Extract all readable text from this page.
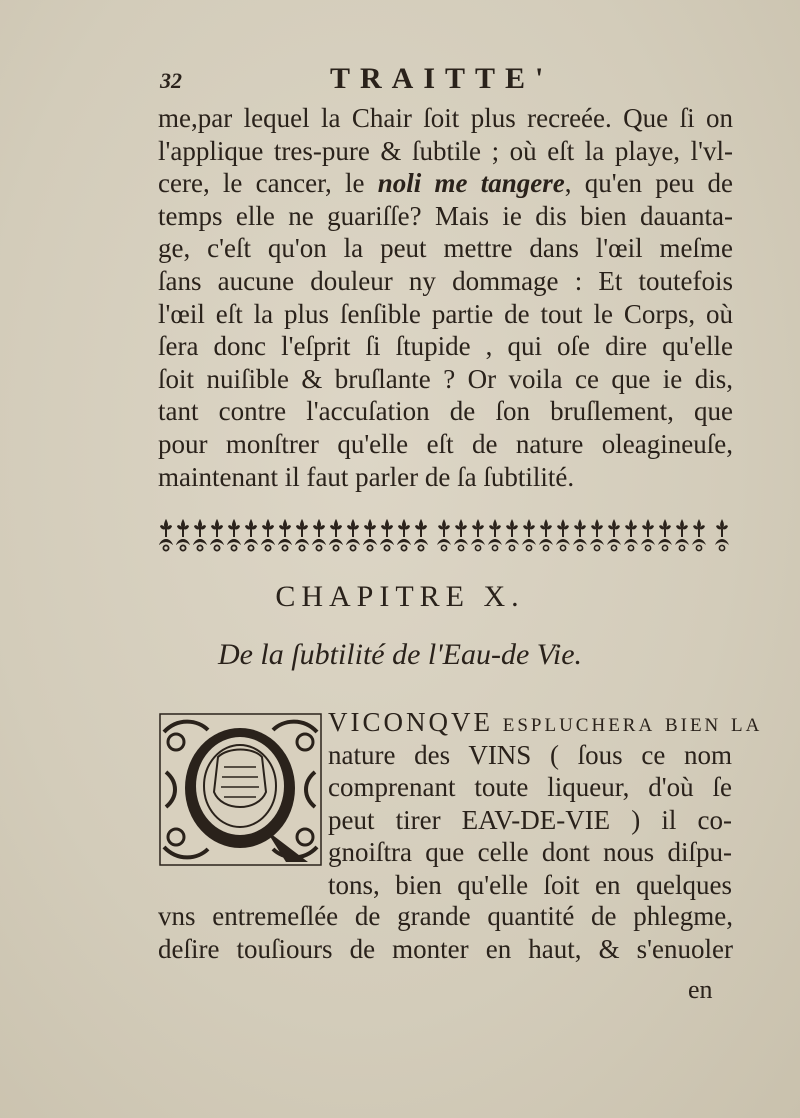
32	TRAITTE'
me,par lequel la Chair ſoit plus recreée. Que ſi on
l'applique tres-pure & ſubtile ; où eſt la playe, l'vl-
cere, le cancer, le noli me tangere, qu'en peu de
temps elle ne guariſſe? Mais ie dis bien dauanta-
ge, c'eſt qu'on la peut mettre dans l'œil meſme
ſans aucune douleur ny dommage : Et toutefois
l'œil eſt la plus ſenſible partie de tout le Corps, où
ſera donc l'eſprit ſi ſtupide , qui oſe dire qu'elle
ſoit nuiſible & bruſlante ? Or voila ce que ie dis,
tant contre l'accuſation de ſon bruſlement, que
pour monſtrer qu'elle eſt de nature oleagineuſe,
maintenant il faut parler de ſa ſubtilité.
CHAPITRE X.
De la ſubtilité de l'Eau-de Vie.
VICONQVE eſpluchera bien la
nature des VINS ( ſous ce nom
comprenant toute liqueur, d'où ſe
peut tirer EAV-DE-VIE ) il co-
gnoiſtra que celle dont nous diſpu-
tons, bien qu'elle ſoit en quelques
vns entremeſlée de grande quantité de phlegme,
deſire touſiours de monter en haut, & s'enuoler
en
